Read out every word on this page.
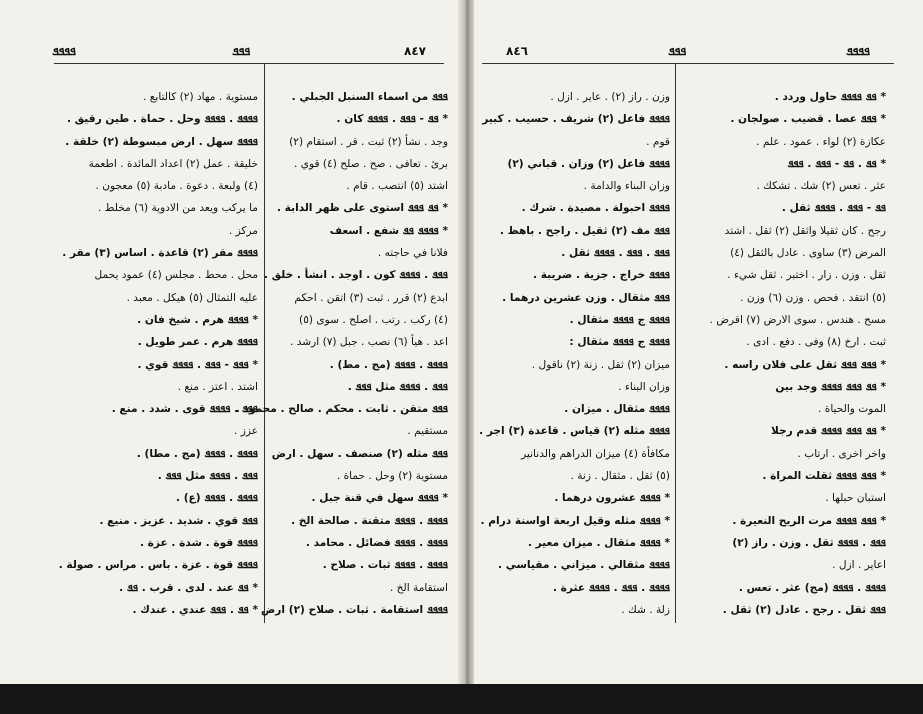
ܦܦܦܦ	ܦܦܦ	٨٤٧
مستوية . مهاد (٢) كالتابع .
ܦܦܦܦ . ܦܦܦܦ وحل . حماة . طين رقيق .
ܦܦܦܦ سهل . ارض مبسوطة (٢) خلقة .
خليقة . عمل (٢) اعداد المائدة . اطعمة
(٤) ولبعة . دعوة . مادبة (٥) معجون .
ما يركب ويعد من الادوية (٦) مخلط .
مركز .
ܦܦܦܦ مقر (٢) قاعدة . اساس (٣) مقر .
محل . محط . مجلس (٤) عمود يحمل
عليه التمثال (٥) هيكل . معبد .
* ܦܦܦܦ هرم . شيخ فان .
ܦܦܦܦ هرم . عمر طويل .
* ܦܦܦ - ܦܦܦ . ܦܦܦܦ قوي .
اشتد . اعتز . منع .
ܦܦܦ . ܦܦܦܦ قوى . شدد . منع .
عزز .
ܦܦܦܦ . ܦܦܦܦ (مج . مطا) .
ܦܦܦ . ܦܦܦܦ مثل ܦܦܦ .
ܦܦܦܦ . ܦܦܦܦ (ع) .
ܦܦܦ قوي . شديد . عزيز . منيع .
ܦܦܦܦ قوة . شدة . عزة .
ܦܦܦܦ قوة . عزة . باس . مراس . صولة .
* ܦܦ عند . لدى . قرب . ܦܦ .
* ܦܦ . ܦܦܦ عندي . عندك .
ܦܦܦ من اسماء السنبل الجبلي .
* ܦܦ - ܦܦܦ . ܦܦܦܦ كان .
وجد . نشأ (٢) ثبت . قر . استقام (٢)
برئ . تعافى . صح . صلح (٤) قوي .
اشتد (٥) انتصب . قام .
* ܦܦ ܦܦܦ استوى على ظهر الدابة .
* ܦܦܦܦ ܦܦ شفع . اسعف
فلانا في حاجته .
ܦܦܦ . ܦܦܦܦ كون . اوجد . انشأ . خلق .
ابدع (٢) قرر . ثبت (٣) اتقن . احكم
(٤) ركب . رتب . اصلح . سوى (٥)
اعد . هيأ (٦) نصب . جبل (٧) ارشد .
ܦܦܦܦ . ܦܦܦܦ (مج . مط) .
ܦܦܦ . ܦܦܦܦ مثل ܦܦܦ .
ܦܦܦ متقن . ثابت . محكم . صالح . محمود .
مستقيم .
ܦܦܦ مثله (٢) صنصف . سهل . ارض
مستوية (٢) وحل . حماة .
* ܦܦܦܦ سهل في قنة جبل .
ܦܦܦܦ . ܦܦܦܦ متقنة . صالحة الخ .
ܦܦܦܦ . ܦܦܦܦ فضائل . محامد .
ܦܦܦܦ . ܦܦܦܦ ثبات . صلاح .
استقامة الخ .
ܦܦܦܦ استقامة . ثبات . صلاح (٢) ارض
٨٤٦	ܦܦܦ	ܦܦܦܦ
وزن . راز (٢) . عاير . ازل .
ܦܦܦܦ فاعل (٢) شريف . حسيب . كبير
قوم .
ܦܦܦܦ فاعل (٢) وزان . قباني (٢)
وزان البناء والدامة .
ܦܦܦܦ احبولة . مصيدة . شرك .
ܦܦܦ مف (٢) ثقيل . راجح . باهظ .
ܦܦܦ . ܦܦܦ . ܦܦܦܦ ثقل .
ܦܦܦܦ خراج . جزية . ضريبة .
ܦܦܦ مثقال . وزن عشرين درهما .
ܦܦܦܦ ج ܦܦܦܦ مثقال .
ܦܦܦܦ ج ܦܦܦܦ مثقال :
ميزان (٢) ثقل . زنة (٢) ناقول .
وزان البناء .
ܦܦܦܦ مثقال . ميزان .
ܦܦܦܦ مثله (٢) قياس . قاعدة (٣) اجر .
مكافأة (٤) ميزان الدراهم والدنانير
(٥) ثقل . مثقال . زنة .
* ܦܦܦܦ عشرون درهما .
* ܦܦܦܦ مثله وقيل اربعة اواسنة درام .
* ܦܦܦܦ مثقال . ميزان معير .
ܦܦܦܦ مثقالي . ميزاني . مقياسي .
ܦܦܦܦ . ܦܦܦ . ܦܦܦܦ عثرة .
زلة . شك .
* ܦܦ ܦܦܦܦ حاول وردد .
* ܦܦܦ عصا . قضيب . صولجان .
عكازة (٢) لواء . عمود . علم .
* ܦܦ . ܦܦ - ܦܦܦ . ܦܦܦ
عثر . تعس (٢) شك . تشكك .
ܦܦ - ܦܦܦ . ܦܦܦܦ ثقل .
رجح . كان ثقيلا واثقل (٢) ثقل . اشتد
المرض (٣) ساوى . عادل بالثقل (٤)
ثقل . وزن . زار . اختبر . ثقل شيء .
(٥) انتقد . فحص . وزن (٦) وزن .
مسح . هندس . سوى الارض (٧) اقرض .
ثبت . ارخ (٨) وفى . دفع . ادى .
* ܦܦܦ ܦܦܦ ثقل على فلان راسه .
* ܦܦ ܦܦܦ ܦܦܦܦ وجد بين
الموت والحياة .
* ܦܦ ܦܦܦ ܦܦܦܦ قدم رجلا
واخر اخرى . ارتاب .
* ܦܦܦ ܦܦܦܦ ثقلت المراة .
استبان حبلها .
* ܦܦܦ ܦܦܦܦ مرت الريح النعيرة .
ܦܦܦ . ܦܦܦܦ ثقل . وزن . راز (٢)
اعاير . ازل .
ܦܦܦܦ . ܦܦܦܦ (مج) عثر . تعس .
ܦܦܦ ثقل . رجح . عادل (٢) ثقل .
